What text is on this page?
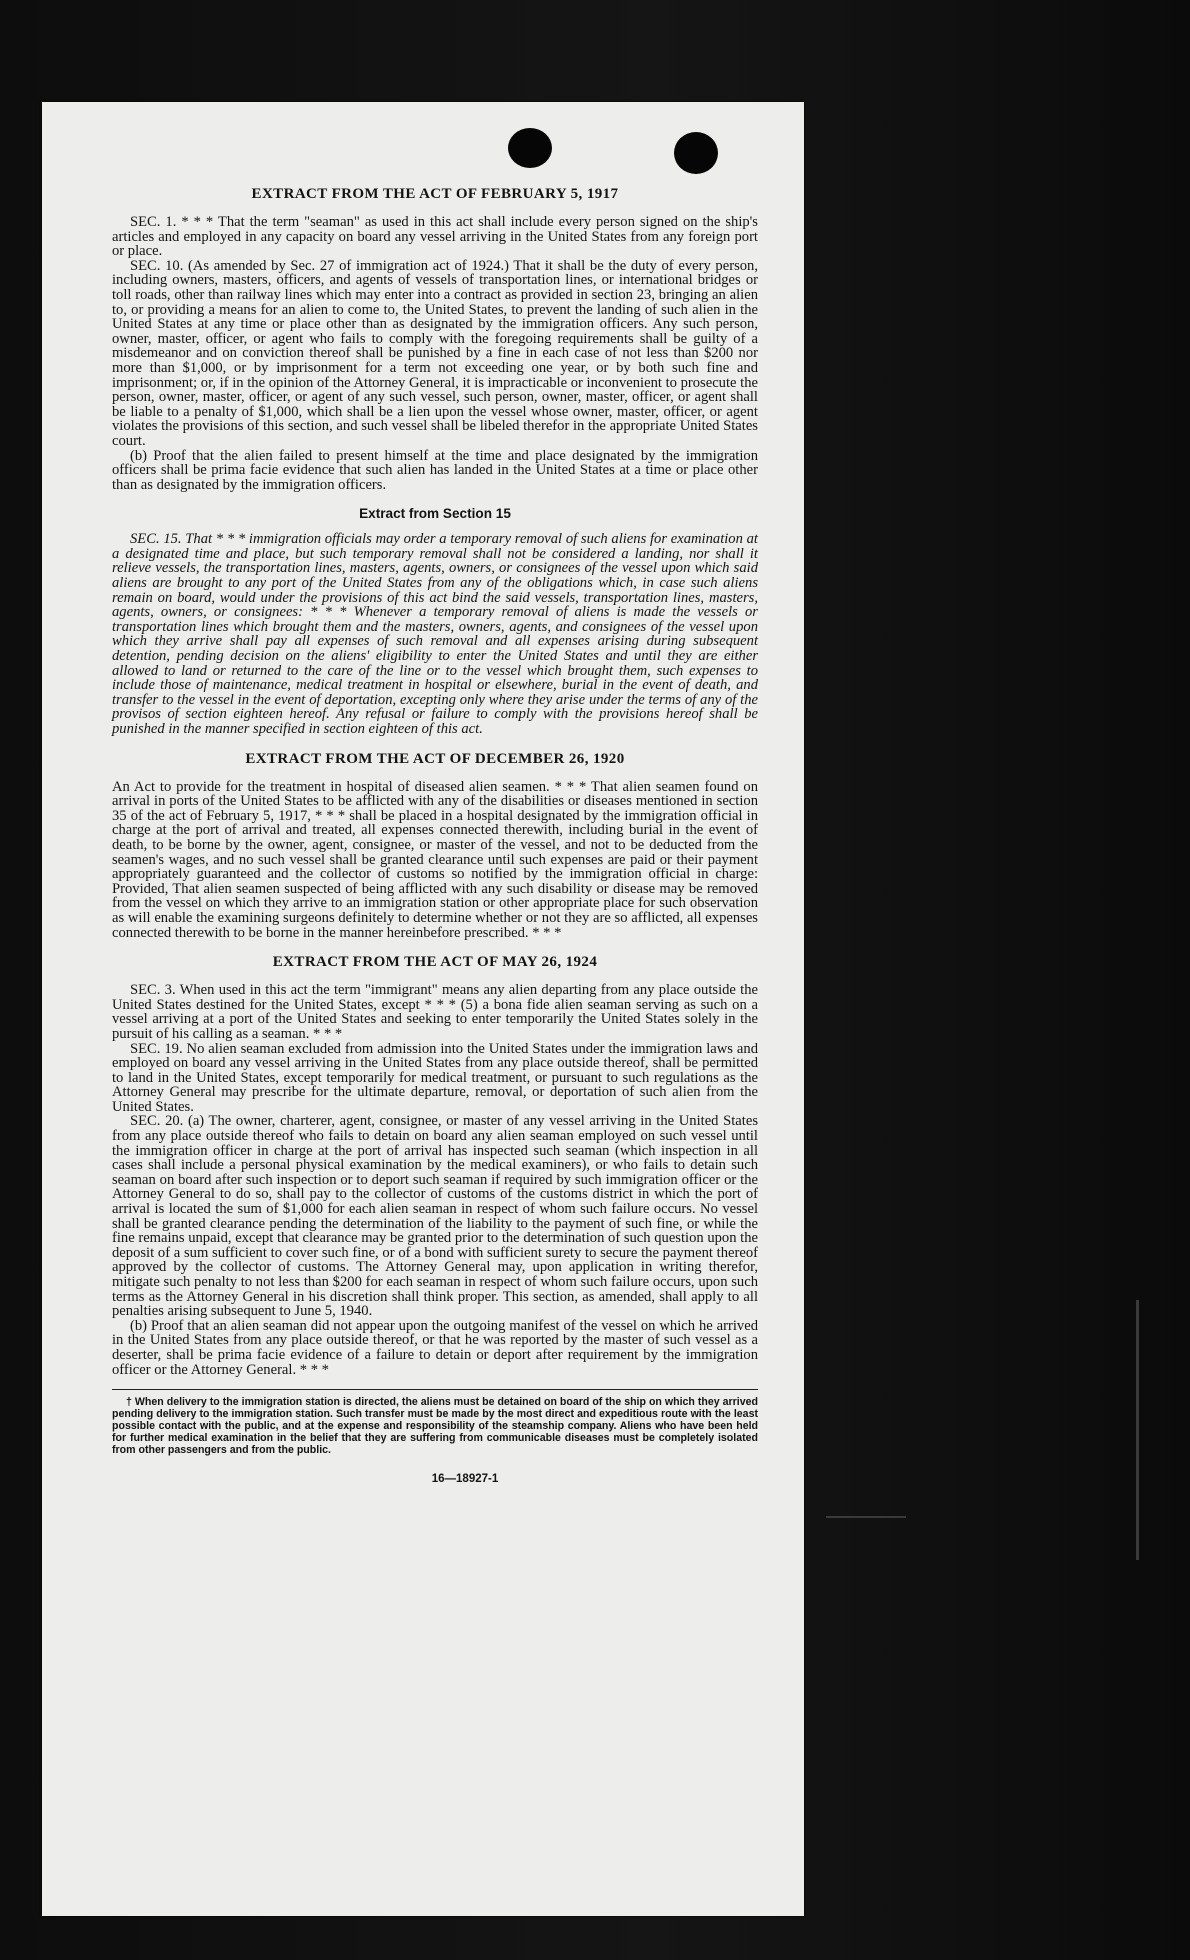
EXTRACT FROM THE ACT OF FEBRUARY 5, 1917

SEC. 1. * * * That the term "seaman" as used in this act shall include every person signed on the ship's articles and employed in any capacity on board any vessel arriving in the United States from any foreign port or place.

SEC. 10. (As amended by Sec. 27 of immigration act of 1924.) That it shall be the duty of every person, including owners, masters, officers, and agents of vessels of transportation lines, or international bridges or toll roads, other than railway lines which may enter into a contract as provided in section 23, bringing an alien to, or providing a means for an alien to come to, the United States, to prevent the landing of such alien in the United States at any time or place other than as designated by the immigration officers. Any such person, owner, master, officer, or agent who fails to comply with the foregoing requirements shall be guilty of a misdemeanor and on conviction thereof shall be punished by a fine in each case of not less than $200 nor more than $1,000, or by imprisonment for a term not exceeding one year, or by both such fine and imprisonment; or, if in the opinion of the Attorney General, it is impracticable or inconvenient to prosecute the person, owner, master, officer, or agent of any such vessel, such person, owner, master, officer, or agent shall be liable to a penalty of $1,000, which shall be a lien upon the vessel whose owner, master, officer, or agent violates the provisions of this section, and such vessel shall be libeled therefor in the appropriate United States court.

(b) Proof that the alien failed to present himself at the time and place designated by the immigration officers shall be prima facie evidence that such alien has landed in the United States at a time or place other than as designated by the immigration officers.

Extract from Section 15

SEC. 15. That * * * immigration officials may order a temporary removal of such aliens for examination at a designated time and place, but such temporary removal shall not be considered a landing, nor shall it relieve vessels, the transportation lines, masters, agents, owners, or consignees of the vessel upon which said aliens are brought to any port of the United States from any of the obligations which, in case such aliens remain on board, would under the provisions of this act bind the said vessels, transportation lines, masters, agents, owners, or consignees: * * * Whenever a temporary removal of aliens is made the vessels or transportation lines which brought them and the masters, owners, agents, and consignees of the vessel upon which they arrive shall pay all expenses of such removal and all expenses arising during subsequent detention, pending decision on the aliens' eligibility to enter the United States and until they are either allowed to land or returned to the care of the line or to the vessel which brought them, such expenses to include those of maintenance, medical treatment in hospital or elsewhere, burial in the event of death, and transfer to the vessel in the event of deportation, excepting only where they arise under the terms of any of the provisos of section eighteen hereof. Any refusal or failure to comply with the provisions hereof shall be punished in the manner specified in section eighteen of this act.

EXTRACT FROM THE ACT OF DECEMBER 26, 1920

An Act to provide for the treatment in hospital of diseased alien seamen. * * * That alien seamen found on arrival in ports of the United States to be afflicted with any of the disabilities or diseases mentioned in section 35 of the act of February 5, 1917, * * * shall be placed in a hospital designated by the immigration official in charge at the port of arrival and treated, all expenses connected therewith, including burial in the event of death, to be borne by the owner, agent, consignee, or master of the vessel, and not to be deducted from the seamen's wages, and no such vessel shall be granted clearance until such expenses are paid or their payment appropriately guaranteed and the collector of customs so notified by the immigration official in charge: Provided, That alien seamen suspected of being afflicted with any such disability or disease may be removed from the vessel on which they arrive to an immigration station or other appropriate place for such observation as will enable the examining surgeons definitely to determine whether or not they are so afflicted, all expenses connected therewith to be borne in the manner hereinbefore prescribed. * * *

EXTRACT FROM THE ACT OF MAY 26, 1924

SEC. 3. When used in this act the term "immigrant" means any alien departing from any place outside the United States destined for the United States, except * * * (5) a bona fide alien seaman serving as such on a vessel arriving at a port of the United States and seeking to enter temporarily the United States solely in the pursuit of his calling as a seaman. * * *

SEC. 19. No alien seaman excluded from admission into the United States under the immigration laws and employed on board any vessel arriving in the United States from any place outside thereof, shall be permitted to land in the United States, except temporarily for medical treatment, or pursuant to such regulations as the Attorney General may prescribe for the ultimate departure, removal, or deportation of such alien from the United States.

SEC. 20. (a) The owner, charterer, agent, consignee, or master of any vessel arriving in the United States from any place outside thereof who fails to detain on board any alien seaman employed on such vessel until the immigration officer in charge at the port of arrival has inspected such seaman (which inspection in all cases shall include a personal physical examination by the medical examiners), or who fails to detain such seaman on board after such inspection or to deport such seaman if required by such immigration officer or the Attorney General to do so, shall pay to the collector of customs of the customs district in which the port of arrival is located the sum of $1,000 for each alien seaman in respect of whom such failure occurs. No vessel shall be granted clearance pending the determination of the liability to the payment of such fine, or while the fine remains unpaid, except that clearance may be granted prior to the determination of such question upon the deposit of a sum sufficient to cover such fine, or of a bond with sufficient surety to secure the payment thereof approved by the collector of customs. The Attorney General may, upon application in writing therefor, mitigate such penalty to not less than $200 for each seaman in respect of whom such failure occurs, upon such terms as the Attorney General in his discretion shall think proper. This section, as amended, shall apply to all penalties arising subsequent to June 5, 1940.

(b) Proof that an alien seaman did not appear upon the outgoing manifest of the vessel on which he arrived in the United States from any place outside thereof, or that he was reported by the master of such vessel as a deserter, shall be prima facie evidence of a failure to detain or deport after requirement by the immigration officer or the Attorney General. * * *

† When delivery to the immigration station is directed, the aliens must be detained on board of the ship on which they arrived pending delivery to the immigration station. Such transfer must be made by the most direct and expeditious route with the least possible contact with the public, and at the expense and responsibility of the steamship company. Aliens who have been held for further medical examination in the belief that they are suffering from communicable diseases must be completely isolated from other passengers and from the public.

16—18927-1
